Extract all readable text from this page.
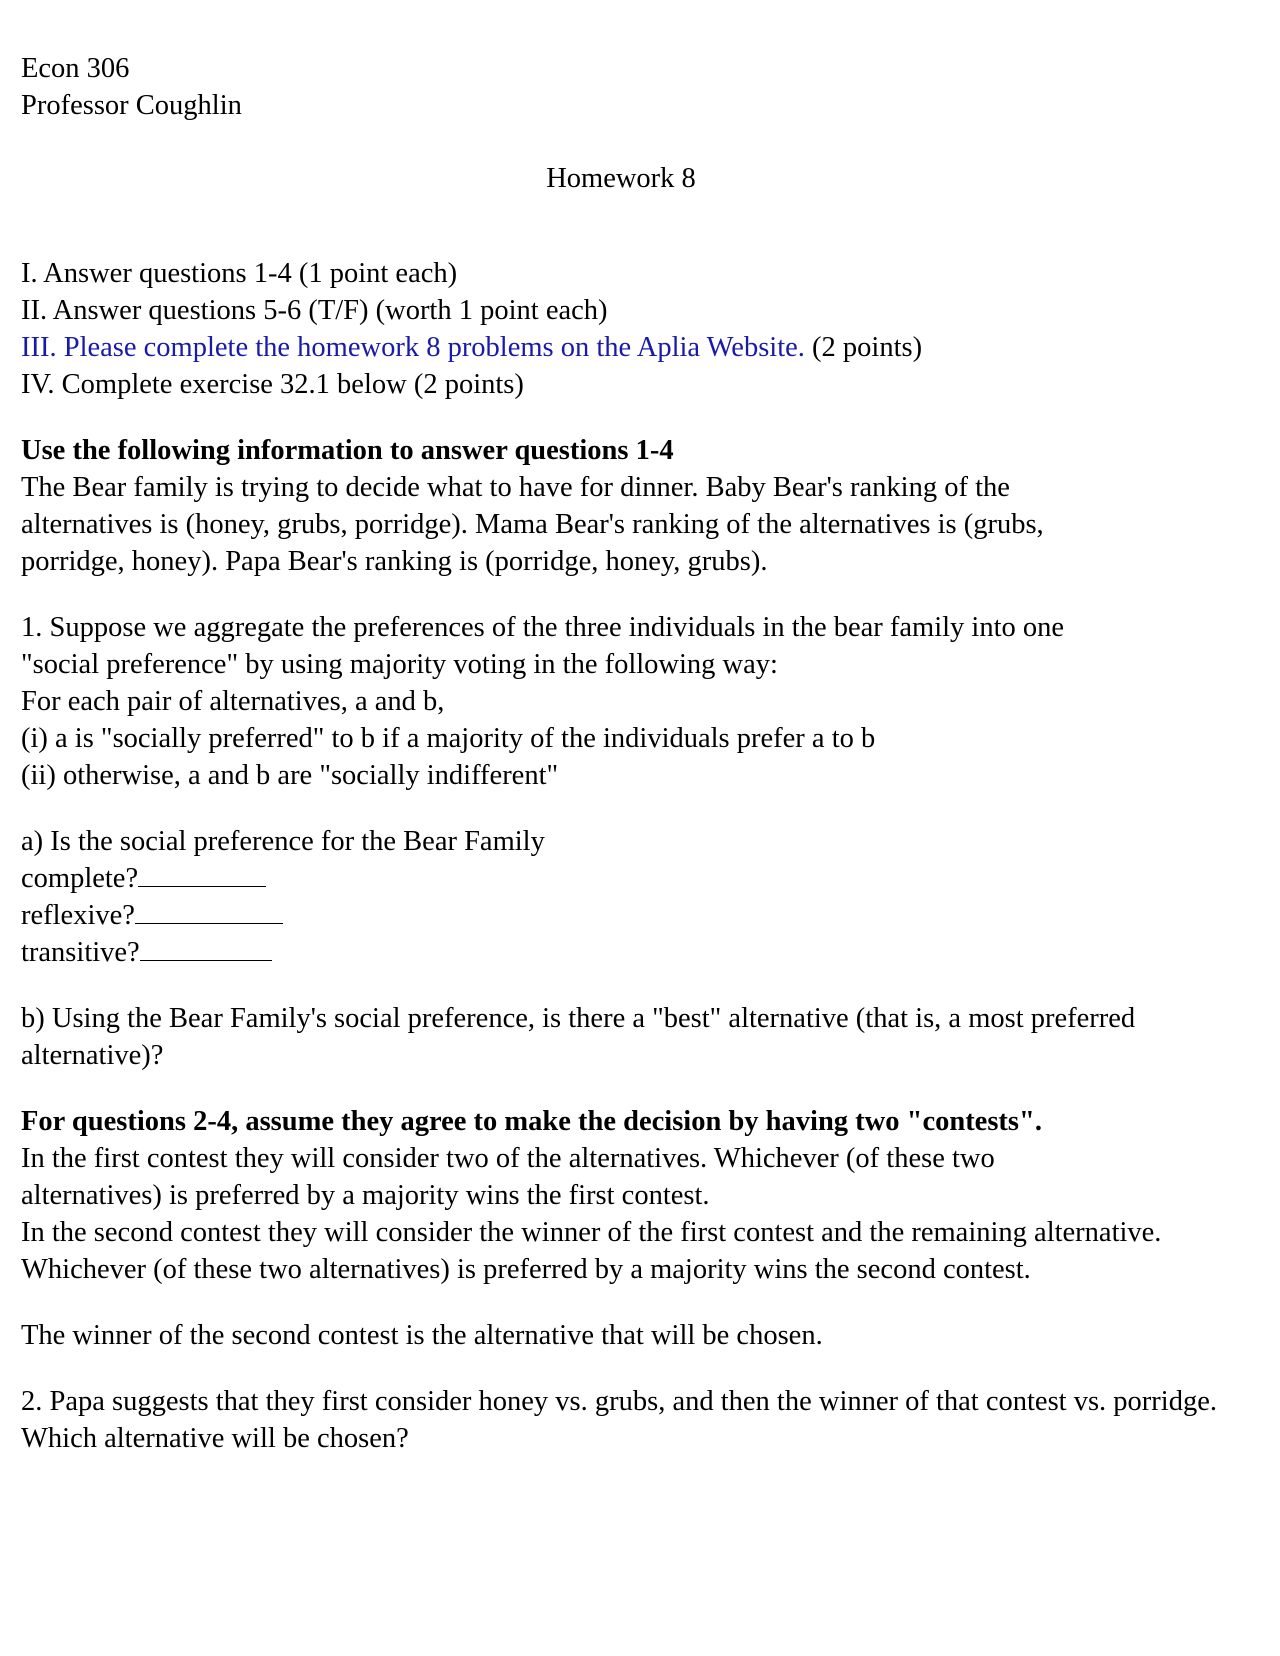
Econ 306
Professor Coughlin
Homework 8
I. Answer questions 1-4 (1 point each)
II. Answer questions 5-6 (T/F) (worth 1 point each)
III. Please complete the homework 8 problems on the Aplia Website. (2 points)
IV. Complete exercise 32.1 below (2 points)
Use the following information to answer questions 1-4
The Bear family is trying to decide what to have for dinner. Baby Bear's ranking of the alternatives is (honey, grubs, porridge). Mama Bear's ranking of the alternatives is (grubs, porridge, honey). Papa Bear's ranking is (porridge, honey, grubs).
1. Suppose we aggregate the preferences of the three individuals in the bear family into one "social preference" by using majority voting in the following way:
For each pair of alternatives, a and b,
(i) a is "socially preferred" to b if a majority of the individuals prefer a to b
(ii) otherwise, a and b are "socially indifferent"
a) Is the social preference for the Bear Family
complete?
reflexive?
transitive?
b) Using the Bear Family's social preference, is there a "best" alternative (that is, a most preferred alternative)?
For questions 2-4, assume they agree to make the decision by having two "contests".
In the first contest they will consider two of the alternatives. Whichever (of these two alternatives) is preferred by a majority wins the first contest.
In the second contest they will consider the winner of the first contest and the remaining alternative. Whichever (of these two alternatives) is preferred by a majority wins the second contest.
The winner of the second contest is the alternative that will be chosen.
2. Papa suggests that they first consider honey vs. grubs, and then the winner of that contest vs. porridge. Which alternative will be chosen?
